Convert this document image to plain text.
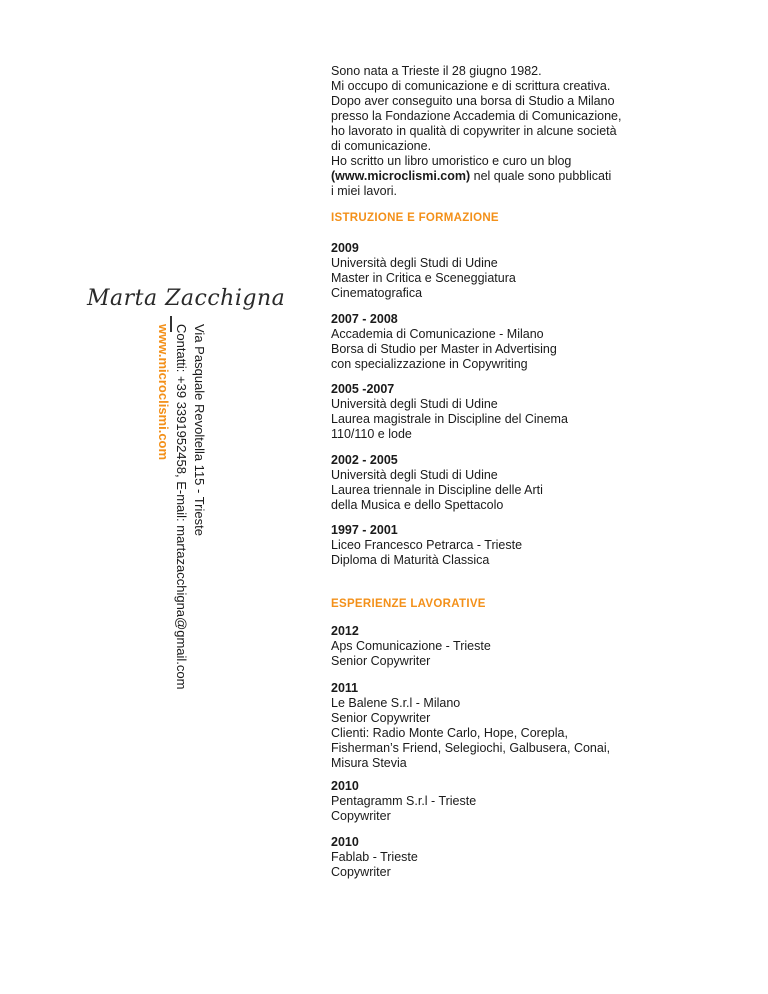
Sono nata a Trieste il 28 giugno 1982.

Mi occupo di comunicazione e di scrittura creativa.

Dopo aver conseguito una borsa di Studio a Milano

presso la Fondazione Accademia di Comunicazione,

ho lavorato in qualità di copywriter in alcune società

di comunicazione.

Ho scritto un libro umoristico e curo un blog

(www.microclismi.com) nel quale sono pubblicati

i miei lavori.

Marta Zacchigna
Via Pasquale Revoltella 115 - Trieste
Contatti: +39 3391952458, E-mail: martazacchigna@gmail.com
www.microclismi.com
ISTRUZIONE E FORMAZIONE
2009
Università degli Studi di Udine
Master in Critica e Sceneggiatura
Cinematografica
2007 - 2008
Accademia di Comunicazione - Milano
Borsa di Studio per Master in Advertising
con specializzazione in Copywriting
2005 -2007
Università degli Studi di Udine
Laurea magistrale in Discipline del Cinema
110/110 e lode
2002 - 2005
Università degli Studi di Udine
Laurea triennale in Discipline delle Arti
della Musica e dello Spettacolo
1997 - 2001
Liceo Francesco Petrarca - Trieste
Diploma di Maturità Classica
ESPERIENZE LAVORATIVE
2012
Aps Comunicazione - Trieste
Senior Copywriter
2011
Le Balene S.r.l - Milano
Senior Copywriter
Clienti: Radio Monte Carlo, Hope, Corepla,
Fisherman’s Friend, Selegiochi, Galbusera, Conai,
Misura Stevia
2010
Pentagramm S.r.l - Trieste
Copywriter
2010
Fablab - Trieste
Copywriter
